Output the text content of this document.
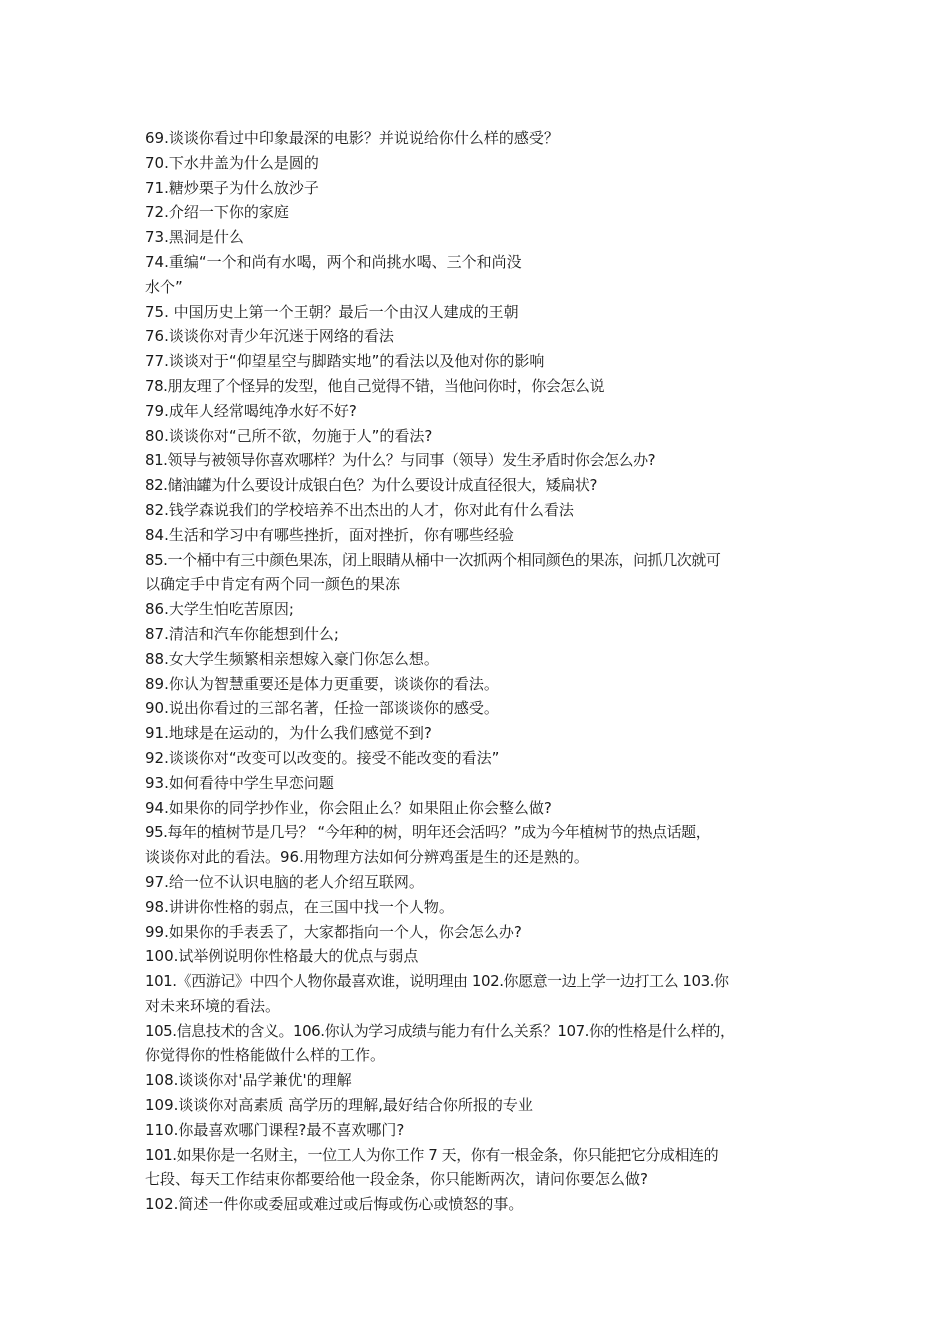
69.谈谈你看过中印象最深的电影？并说说给你什么样的感受？
70.下水井盖为什么是圆的
71.糖炒栗子为什么放沙子
72.介绍一下你的家庭
73.黑洞是什么
74.重编“一个和尚有水喝，两个和尚挑水喝、三个和尚没
水个”
75. 中国历史上第一个王朝？最后一个由汉人建成的王朝
76.谈谈你对青少年沉迷于网络的看法
77.谈谈对于“仰望星空与脚踏实地”的看法以及他对你的影响
78.朋友理了个怪异的发型，他自己觉得不错，当他问你时，你会怎么说
79.成年人经常喝纯净水好不好?
80.谈谈你对“己所不欲，勿施于人”的看法?
81.领导与被领导你喜欢哪样？为什么？与同事（领导）发生矛盾时你会怎么办?
82.储油罐为什么要设计成银白色？为什么要设计成直径很大，矮扁状?
82.钱学森说我们的学校培养不出杰出的人才，你对此有什么看法
84.生活和学习中有哪些挫折，面对挫折，你有哪些经验
85.一个桶中有三中颜色果冻，闭上眼睛从桶中一次抓两个相同颜色的果冻，问抓几次就可
以确定手中肯定有两个同一颜色的果冻
86.大学生怕吃苦原因;
87.清洁和汽车你能想到什么;
88.女大学生频繁相亲想嫁入豪门你怎么想。
89.你认为智慧重要还是体力更重要，谈谈你的看法。
90.说出你看过的三部名著，任捡一部谈谈你的感受。
91.地球是在运动的，为什么我们感觉不到?
92.谈谈你对“改变可以改变的。接受不能改变的看法”
93.如何看待中学生早恋问题
94.如果你的同学抄作业，你会阻止么？如果阻止你会整么做?
95.每年的植树节是几号？ “今年种的树，明年还会活吗？”成为今年植树节的热点话题，
谈谈你对此的看法。96.用物理方法如何分辨鸡蛋是生的还是熟的。
97.给一位不认识电脑的老人介绍互联网。
98.讲讲你性格的弱点，在三国中找一个人物。
99.如果你的手表丢了，大家都指向一个人，你会怎么办?
100.试举例说明你性格最大的优点与弱点
101.《西游记》中四个人物你最喜欢谁，说明理由 102.你愿意一边上学一边打工么 103.你
对未来环境的看法。
105.信息技术的含义。106.你认为学习成绩与能力有什么关系？107.你的性格是什么样的，
你觉得你的性格能做什么样的工作。
108.谈谈你对'品学兼优'的理解
109.谈谈你对高素质 高学历的理解,最好结合你所报的专业
110.你最喜欢哪门课程?最不喜欢哪门?
101.如果你是一名财主，一位工人为你工作 7 天，你有一根金条，你只能把它分成相连的
七段、每天工作结束你都要给他一段金条，你只能断两次，请问你要怎么做?
102.简述一件你或委屈或难过或后悔或伤心或愤怒的事。
